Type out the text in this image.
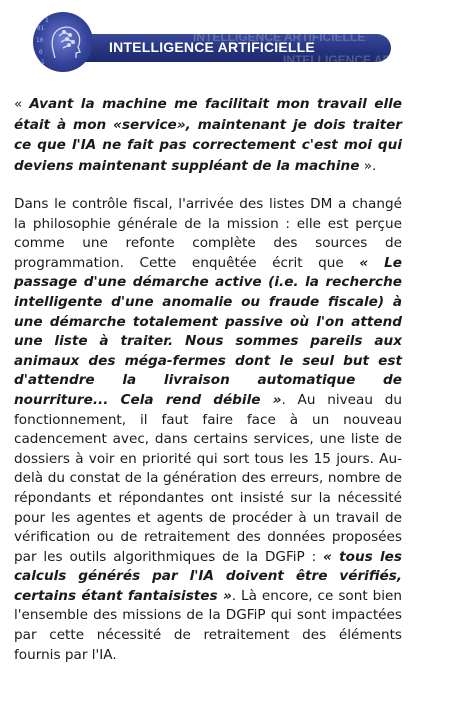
INTELLIGENCE ARTIFICIELLE
INTELLIGENCE ARTIFICIELLE
01
10
0
1
1
INTELLIGENCE ARTIFICIELLE

« Avant la machine me facilitait mon travail elle était à mon «service», maintenant je dois traiter ce que l'IA ne fait pas correctement c'est moi qui deviens maintenant suppléant de la machine ».

Dans le contrôle fiscal, l'arrivée des listes DM a changé la philosophie générale de la mission : elle est perçue comme une refonte complète des sources de programmation. Cette enquêtée écrit que « Le passage d'une démarche active (i.e. la recherche intelligente d'une anomalie ou fraude fiscale) à une démarche totalement passive où l'on attend une liste à traiter. Nous sommes pareils aux animaux des méga-fermes dont le seul but est d'attendre la livraison automatique de nourriture... Cela rend débile ». Au niveau du fonctionnement, il faut faire face à un nouveau cadencement avec, dans certains services, une liste de dossiers à voir en priorité qui sort tous les 15 jours. Au-delà du constat de la génération des erreurs, nombre de répondants et répondantes ont insisté sur la nécessité pour les agentes et agents de procéder à un travail de vérification ou de retraitement des données proposées par les outils algorithmiques de la DGFiP : « tous les calculs générés par l'IA doivent être vérifiés, certains étant fantaisistes ». Là encore, ce sont bien l'ensemble des missions de la DGFiP qui sont impactées par cette nécessité de retraitement des éléments fournis par l'IA.
